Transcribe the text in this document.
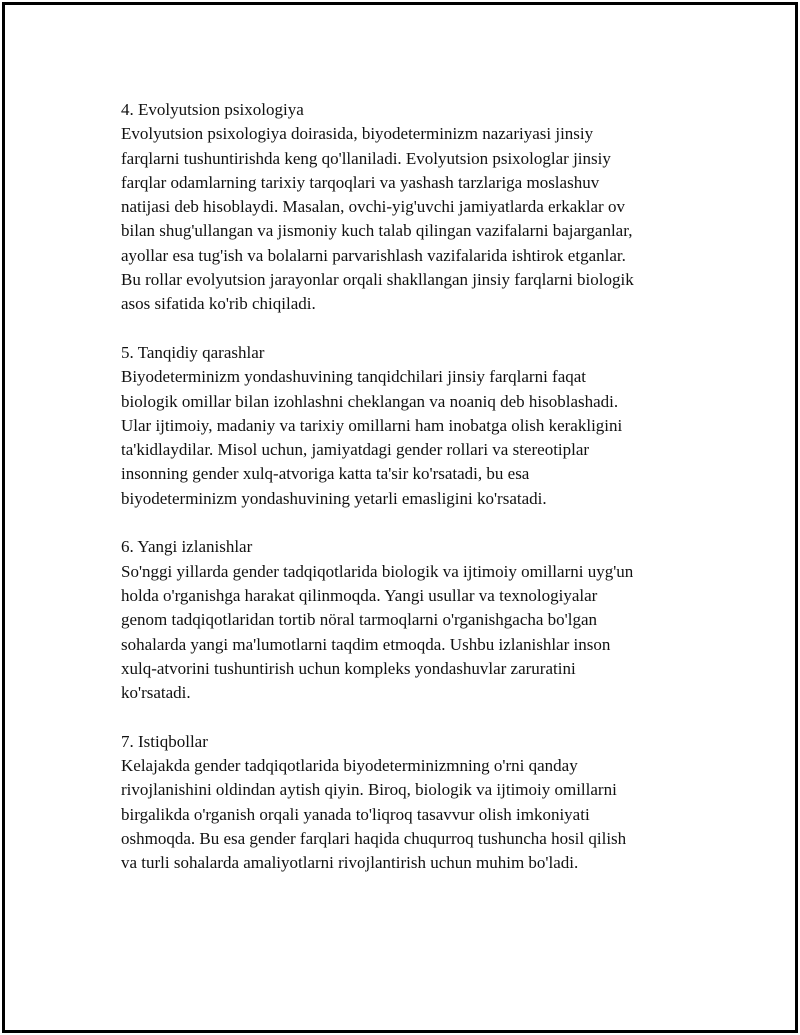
4. Evolyutsion psixologiya
Evolyutsion psixologiya doirasida, biyodeterminizm nazariyasi jinsiy
farqlarni tushuntirishda keng qo'llaniladi. Evolyutsion psixologlar jinsiy
farqlar odamlarning tarixiy tarqoqlari va yashash tarzlariga moslashuv
natijasi deb hisoblaydi. Masalan, ovchi-yig'uvchi jamiyatlarda erkaklar ov
bilan shug'ullangan va jismoniy kuch talab qilingan vazifalarni bajarganlar,
ayollar esa tug'ish va bolalarni parvarishlash vazifalarida ishtirok etganlar.
Bu rollar evolyutsion jarayonlar orqali shakllangan jinsiy farqlarni biologik
asos sifatida ko'rib chiqiladi.
5. Tanqidiy qarashlar
Biyodeterminizm yondashuvining tanqidchilari jinsiy farqlarni faqat
biologik omillar bilan izohlashni cheklangan va noaniq deb hisoblashadi.
Ular ijtimoiy, madaniy va tarixiy omillarni ham inobatga olish kerakligini
ta'kidlaydilar. Misol uchun, jamiyatdagi gender rollari va stereotiplar
insonning gender xulq-atvoriga katta ta'sir ko'rsatadi, bu esa
biyodeterminizm yondashuvining yetarli emasligini ko'rsatadi.
6. Yangi izlanishlar
So'nggi yillarda gender tadqiqotlarida biologik va ijtimoiy omillarni uyg'un
holda o'rganishga harakat qilinmoqda. Yangi usullar va texnologiyalar
genom tadqiqotlaridan tortib nöral tarmoqlarni o'rganishgacha bo'lgan
sohalarda yangi ma'lumotlarni taqdim etmoqda. Ushbu izlanishlar inson
xulq-atvorini tushuntirish uchun kompleks yondashuvlar zaruratini
ko'rsatadi.
7. Istiqbollar
Kelajakda gender tadqiqotlarida biyodeterminizmning o'rni qanday
rivojlanishini oldindan aytish qiyin. Biroq, biologik va ijtimoiy omillarni
birgalikda o'rganish orqali yanada to'liqroq tasavvur olish imkoniyati
oshmoqda. Bu esa gender farqlari haqida chuqurroq tushuncha hosil qilish
va turli sohalarda amaliyotlarni rivojlantirish uchun muhim bo'ladi.
